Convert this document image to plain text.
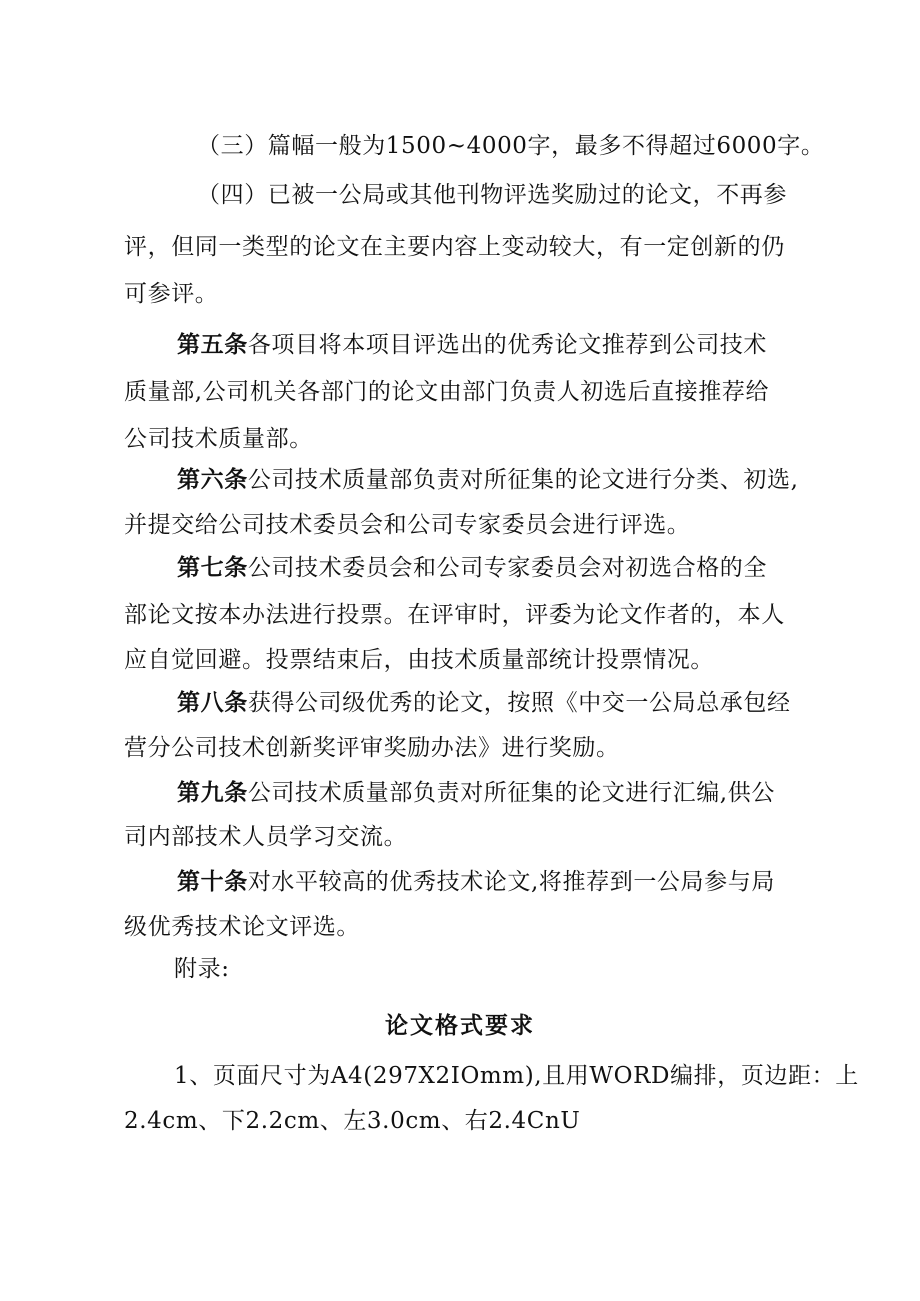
（三）篇幅一般为1500~4000字，最多不得超过6000字。
（四）已被一公局或其他刊物评选奖励过的论文，不再参
评，但同一类型的论文在主要内容上变动较大，有一定创新的仍
可参评。
第五条各项目将本项目评选出的优秀论文推荐到公司技术
质量部,公司机关各部门的论文由部门负责人初选后直接推荐给
公司技术质量部。
第六条公司技术质量部负责对所征集的论文进行分类、初选,
并提交给公司技术委员会和公司专家委员会进行评选。
第七条公司技术委员会和公司专家委员会对初选合格的全
部论文按本办法进行投票。在评审时，评委为论文作者的，本人
应自觉回避。投票结束后，由技术质量部统计投票情况。
第八条获得公司级优秀的论文，按照《中交一公局总承包经
营分公司技术创新奖评审奖励办法》进行奖励。
第九条公司技术质量部负责对所征集的论文进行汇编,供公
司内部技术人员学习交流。
第十条对水平较高的优秀技术论文,将推荐到一公局参与局
级优秀技术论文评选。
附录:
论文格式要求
1、页面尺寸为A4(297X2IOmm),且用WORD编排，页边距：上
2.4cm、下2.2cm、左3.0cm、右2.4CnU
